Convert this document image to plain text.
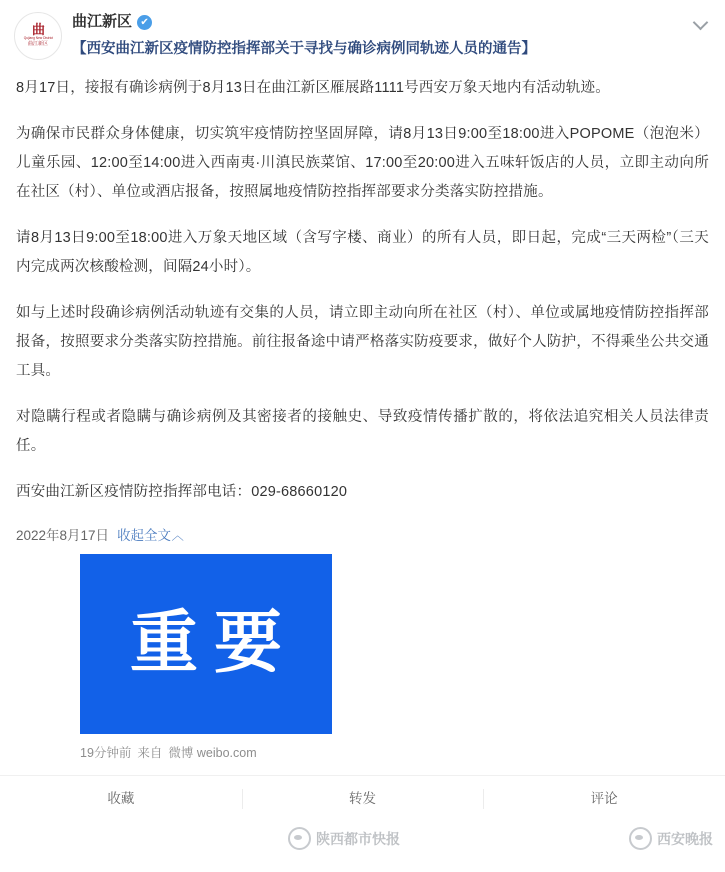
曲
Qujiang New District
曲江新区
曲江新区 ✔
【西安曲江新区疫情防控指挥部关于寻找与确诊病例同轨迹人员的通告】

8月17日，接报有确诊病例于8月13日在曲江新区雁展路1111号西安万象天地内有活动轨迹。

为确保市民群众身体健康，切实筑牢疫情防控坚固屏障，请8月13日9:00至18:00进入POPOME（泡泡米）儿童乐园、12:00至14:00进入西南夷·川滇民族菜馆、17:00至20:00进入五味轩饭店的人员，立即主动向所在社区（村）、单位或酒店报备，按照属地疫情防控指挥部要求分类落实防控措施。

请8月13日9:00至18:00进入万象天地区域（含写字楼、商业）的所有人员，即日起，完成“三天两检”（三天内完成两次核酸检测，间隔24小时）。

如与上述时段确诊病例活动轨迹有交集的人员，请立即主动向所在社区（村）、单位或属地疫情防控指挥部报备，按照要求分类落实防控措施。前往报备途中请严格落实防疫要求，做好个人防护，不得乘坐公共交通工具。

对隐瞒行程或者隐瞒与确诊病例及其密接者的接触史、导致疫情传播扩散的，将依法追究相关人员法律责任。

西安曲江新区疫情防控指挥部电话：029-68660120

2022年8月17日 收起全文︿
重要
19分钟前 来自 微博 weibo.com
收藏	转发	评论
陕西都市快报	西安晚报
